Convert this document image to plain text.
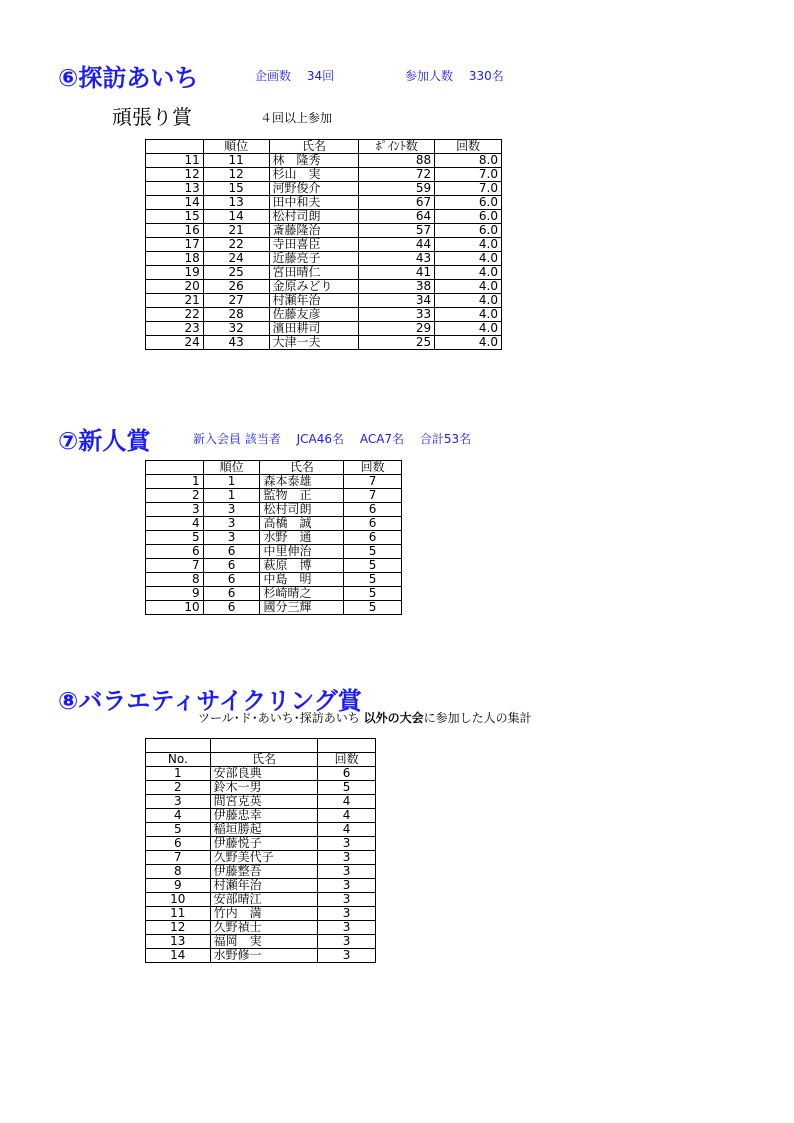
⑥探訪あいち	企画数　 34回	参加人数　 330名
頑張り賞	４回以上参加
	順位	氏名	ﾎﾟｲﾝﾄ数	回数
11	11	林　隆秀	88	8.0
12	12	杉山　実	72	7.0
13	15	河野俊介	59	7.0
14	13	田中和夫	67	6.0
15	14	松村司朗	64	6.0
16	21	斎藤隆治	57	6.0
17	22	寺田喜臣	44	4.0
18	24	近藤亮子	43	4.0
19	25	宮田晴仁	41	4.0
20	26	金原みどり	38	4.0
21	27	村瀬年治	34	4.0
22	28	佐藤友彦	33	4.0
23	32	濱田耕司	29	4.0
24	43	大津一夫	25	4.0
⑦新人賞	新入会員 該当者　 JCA46名　 ACA7名　 合計53名
	順位	氏名	回数
1	1	森本泰雄	7
2	1	監物　正	7
3	3	松村司朗	6
4	3	高橋　誠	6
5	3	水野　通	6
6	6	中里伸治	5
7	6	萩原　博	5
8	6	中島　明	5
9	6	杉崎晴之	5
10	6	國分三輝	5
⑧バラエティサイクリング賞
ツール･ド･あいち･探訪あいち 以外の大会に参加した人の集計

No.	氏名	回数
1	安部良典	6
2	鈴木一男	5
3	間宮克英	4
4	伊藤忠幸	4
5	稲垣勝起	4
6	伊藤悦子	3
7	久野美代子	3
8	伊藤整吾	3
9	村瀬年治	3
10	安部晴江	3
11	竹内　満	3
12	久野禎士	3
13	福岡　実	3
14	水野修一	3
